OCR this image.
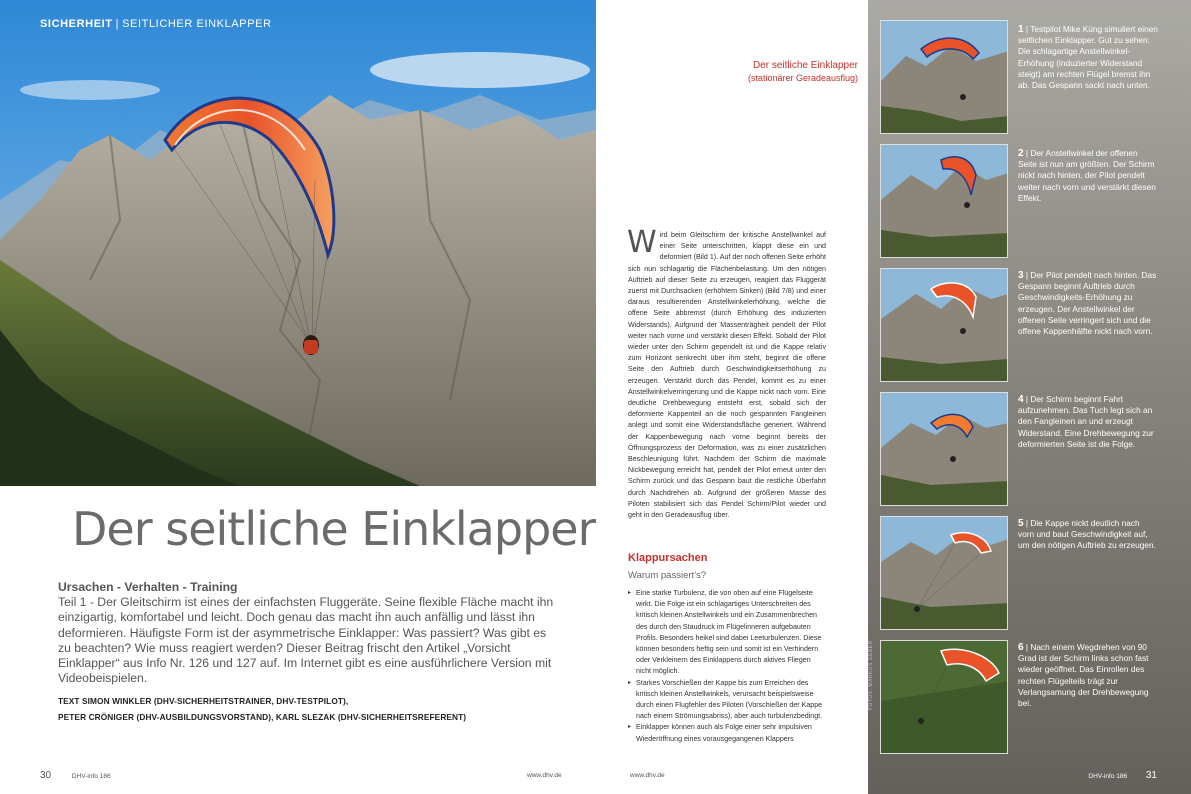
SICHERHEIT | SEITLICHER EINKLAPPER
Der seitliche Einklapper
Ursachen - Verhalten - Training
Teil 1 - Der Gleitschirm ist eines der einfachsten Fluggeräte. Seine flexible Fläche macht ihn einzigartig, komfortabel und leicht. Doch genau das macht ihn auch anfällig und lässt ihn deformieren. Häufigste Form ist der asymmetrische Einklapper: Was passiert? Was gibt es zu beachten? Wie muss reagiert werden? Dieser Beitrag frischt den Artikel „Vorsicht Einklapper“ aus Info Nr. 126 und 127 auf. Im Internet gibt es eine ausführlichere Version mit Videobeispielen.
TEXT SIMON WINKLER (DHV-SICHERHEITSTRAINER, DHV-TESTPILOT),
PETER CRÖNIGER (DHV-AUSBILDUNGSVORSTAND), KARL SLEZAK (DHV-SICHERHEITSREFERENT)
30	DHV-info 186	www.dhv.de
Der seitliche Einklapper
(stationärer Geradeausflug)
Wird beim Gleitschirm der kritische Anstellwinkel auf einer Seite unterschritten, klappt diese ein und deformiert (Bild 1). Auf der noch offenen Seite erhöht sich nun schlagartig die Flächenbelastung. Um den nötigen Auftrieb auf dieser Seite zu erzeugen, reagiert das Fluggerät zuerst mit Durchsacken (erhöhtem Sinken) (Bild 7/8) und einer daraus resultierenden Anstellwinkelerhöhung, welche die offene Seite abbremst (durch Erhöhung des induzierten Widerstands). Aufgrund der Massenträgheit pendelt der Pilot weiter nach vorne und verstärkt diesen Effekt. Sobald der Pilot wieder unter den Schirm gependelt ist und die Kappe relativ zum Horizont senkrecht über ihm steht, beginnt die offene Seite den Auftrieb durch Geschwindigkeitserhöhung zu erzeugen. Verstärkt durch das Pendel, kommt es zu einer Anstellwinkelverringerung und die Kappe nickt nach vorn. Eine deutliche Drehbewegung entsteht erst, sobald sich der deformierte Kappenteil an die noch gespannten Fangleinen anlegt und somit eine Widerstandsfläche generiert. Während der Kappenbewegung nach vorne beginnt bereits der Öffnungsprozess der Deformation, was zu einer zusätzlichen Beschleunigung führt. Nachdem der Schirm die maximale Nickbewegung erreicht hat, pendelt der Pilot erneut unter den Schirm zurück und das Gespann baut die restliche Überfahrt durch Nachdrehen ab. Aufgrund der größeren Masse des Piloten stabilisiert sich das Pendel Schirm/Pilot wieder und geht in den Geradeausflug über.
Klappursachen
Warum passiert’s?
▸ Eine starke Turbulenz, die von oben auf eine Flügelseite wirkt. Die Folge ist ein schlagartiges Unterschreiten des kritisch kleinen Anstellwinkels und ein Zusammenbrechen des durch den Staudruck im Flügelinneren aufgebauten Profils. Besonders heikel sind dabei Leeturbulenzen. Diese können besonders heftig sein und somit ist ein Verhindern oder Verkleinern des Einklappens durch aktives Fliegen nicht möglich.
▸ Starkes Vorschießen der Kappe bis zum Erreichen des kritisch kleinen Anstellwinkels, verursacht beispielsweise durch einen Flugfehler des Piloten (Vorschießen der Kappe nach einem Strömungsabriss), aber auch turbulenzbedingt.
▸ Einklapper können auch als Folge einer sehr impulsiven Wiederöffnung eines vorausgegangenen Klappers
1 | Testpilot Mike Küng simuliert einen seitlichen Einklapper. Gut zu sehen: Die schlagartige Anstellwinkel-Erhöhung (induzierter Widerstand steigt) am rechten Flügel bremst ihn ab. Das Gespann sackt nach unten.
2 | Der Anstellwinkel der offenen Seite ist nun am größten. Der Schirm nickt nach hinten, der Pilot pendelt weiter nach vorn und verstärkt diesen Effekt.
3 | Der Pilot pendelt nach hinten. Das Gespann beginnt Auftrieb durch Geschwindigkeits-Erhöhung zu erzeugen. Der Anstellwinkel der offenen Seite verringert sich und die offene Kappenhälfte nickt nach vorn.
4 | Der Schirm beginnt Fahrt aufzunehmen. Das Tuch legt sich an den Fangleinen an und erzeugt Widerstand. Eine Drehbewegung zur deformierten Seite ist die Folge.
5 | Die Kappe nickt deutlich nach vorn und baut Geschwindigkeit auf, um den nötigen Auftrieb zu erzeugen.
6 | Nach einem Wegdrehen von 90 Grad ist der Schirm links schon fast wieder geöffnet. Das Einrollen des rechten Flügelteils trägt zur Verlangsamung der Drehbewegung bei.
FOTOS: MARKUS GEBER
www.dhv.de	DHV-info 186 31
